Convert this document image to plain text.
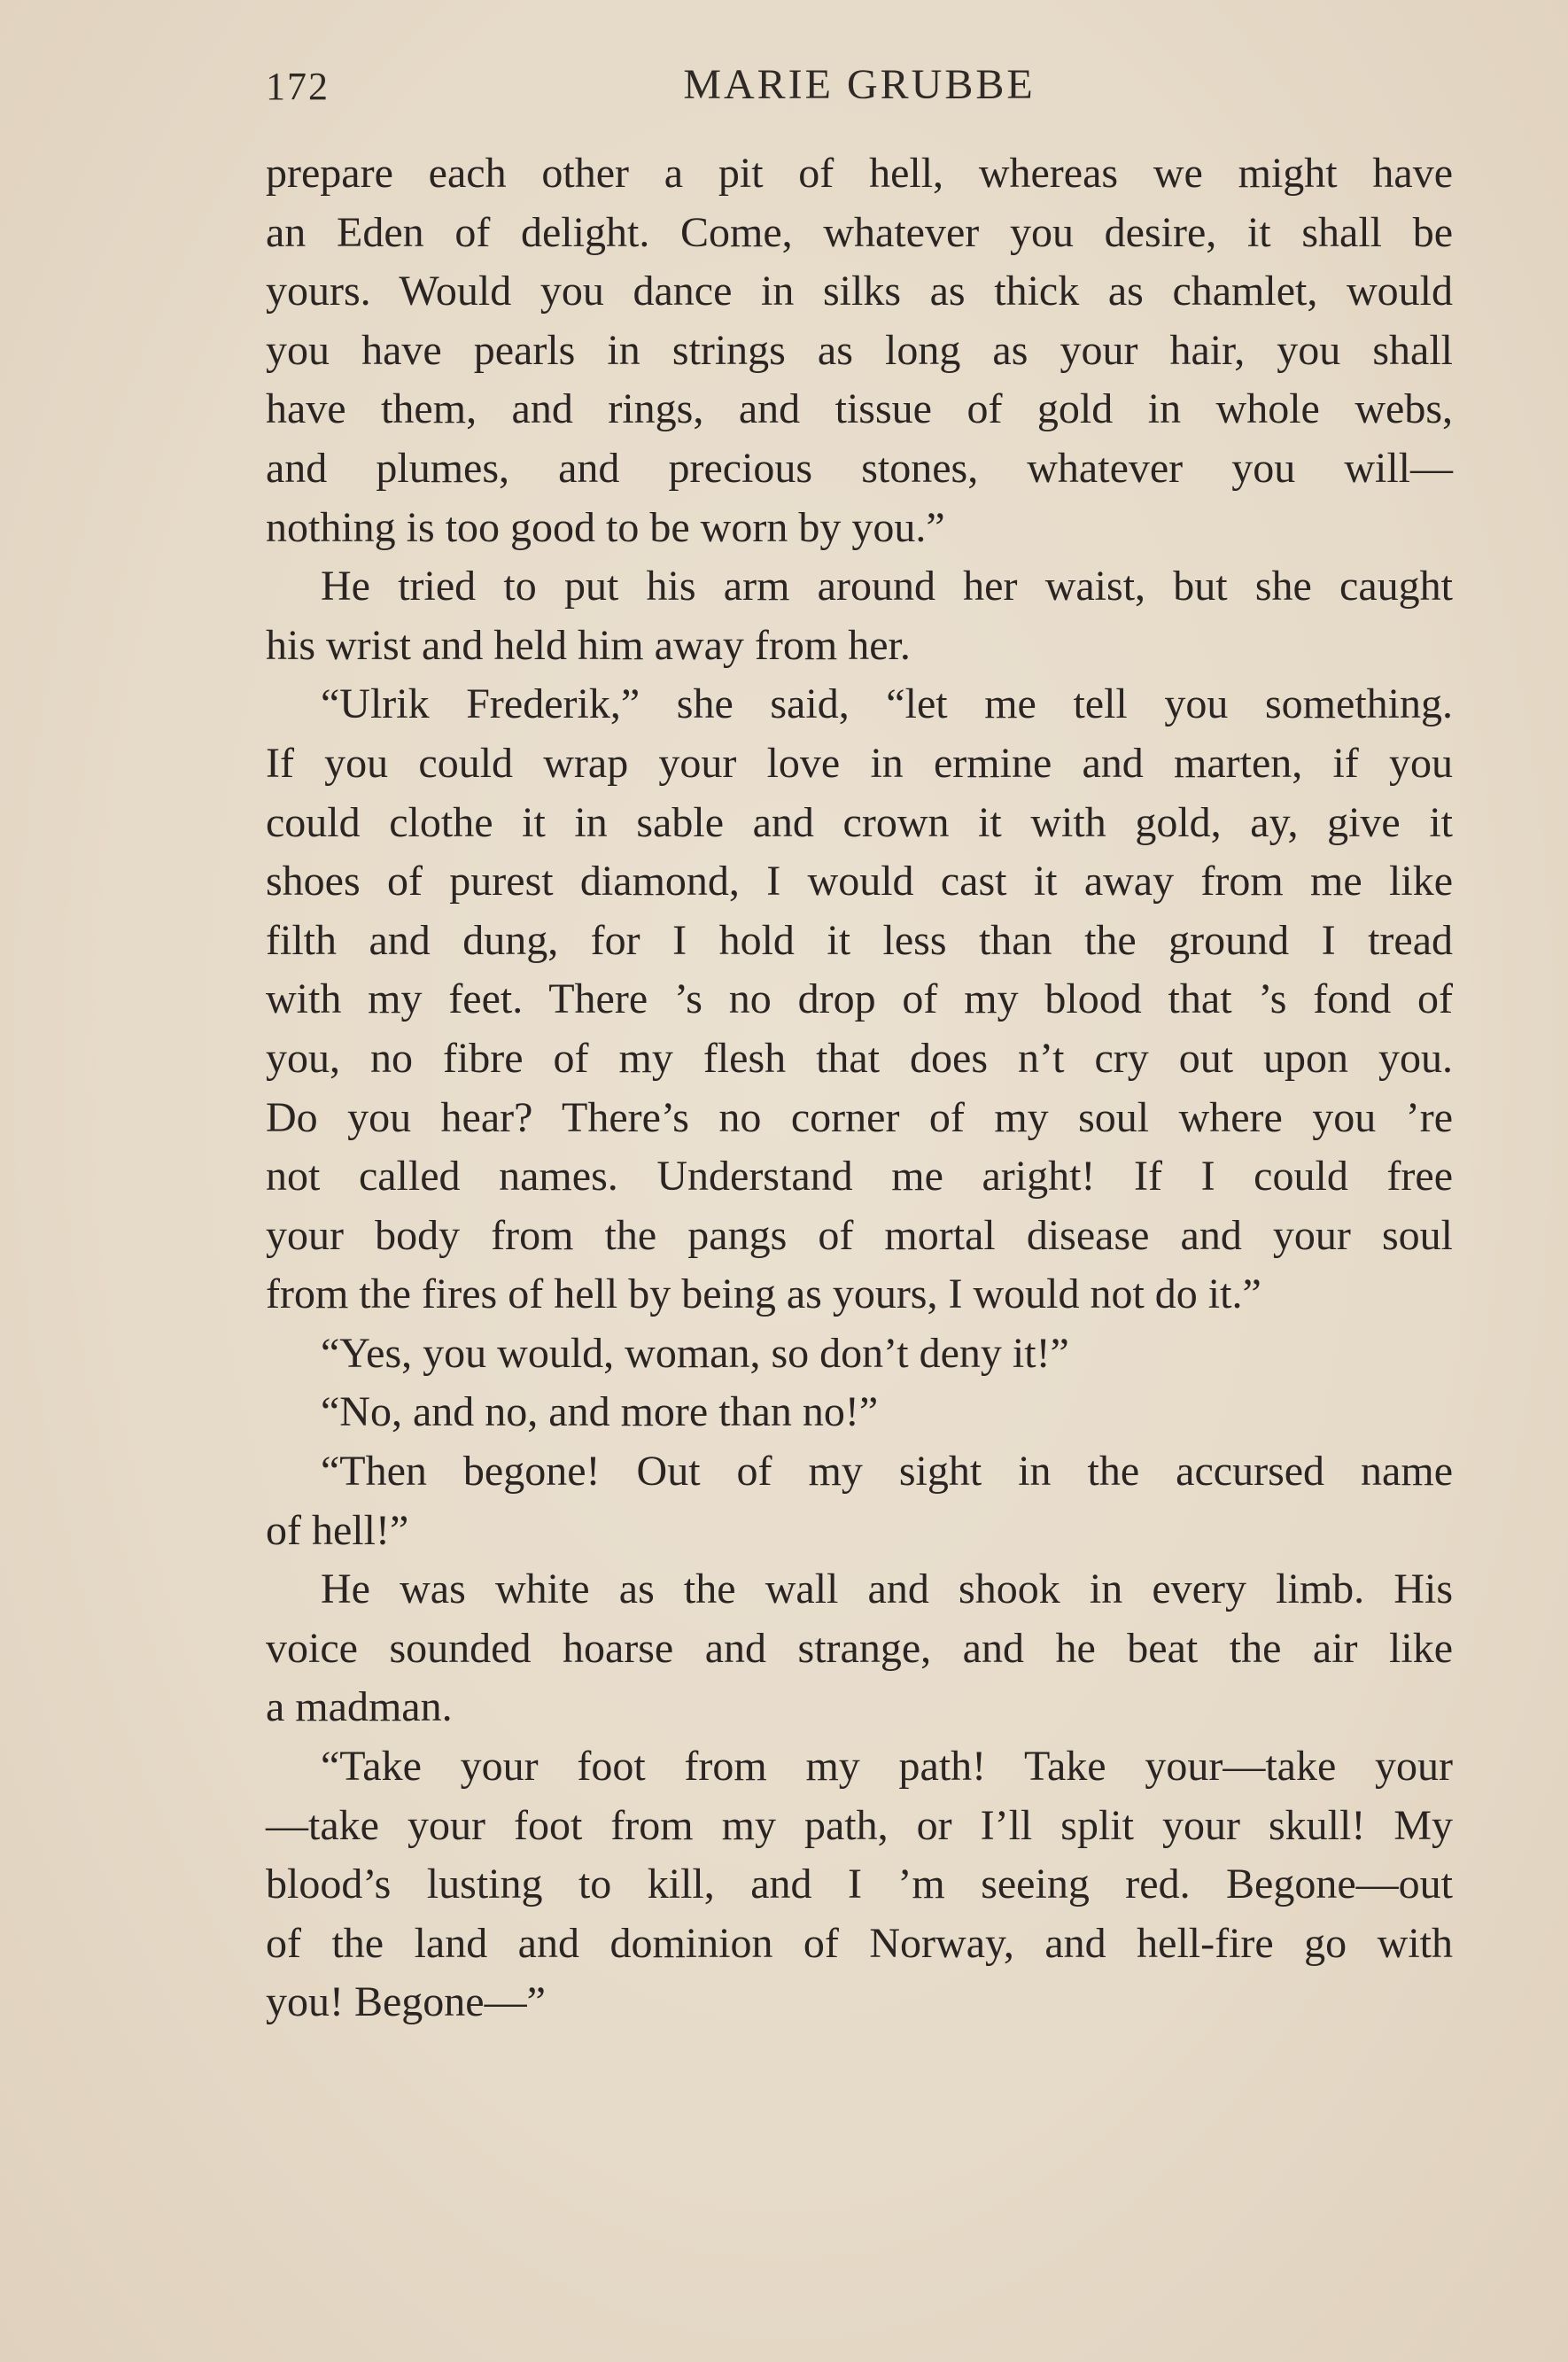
172	MARIE GRUBBE

prepare each other a pit of hell, whereas we might have
an Eden of delight. Come, whatever you desire, it shall be
yours. Would you dance in silks as thick as chamlet, would
you have pearls in strings as long as your hair, you shall
have them, and rings, and tissue of gold in whole webs,
and plumes, and precious stones, whatever you will—
nothing is too good to be worn by you.”

He tried to put his arm around her waist, but she caught
his wrist and held him away from her.

“Ulrik Frederik,” she said, “let me tell you something.
If you could wrap your love in ermine and marten, if you
could clothe it in sable and crown it with gold, ay, give it
shoes of purest diamond, I would cast it away from me like
filth and dung, for I hold it less than the ground I tread
with my feet. There ’s no drop of my blood that ’s fond of
you, no fibre of my flesh that does n’t cry out upon you.
Do you hear? There’s no corner of my soul where you ’re
not called names. Understand me aright! If I could free
your body from the pangs of mortal disease and your soul
from the fires of hell by being as yours, I would not do it.”

“Yes, you would, woman, so don’t deny it!”

“No, and no, and more than no!”

“Then begone! Out of my sight in the accursed name
of hell!”

He was white as the wall and shook in every limb. His
voice sounded hoarse and strange, and he beat the air like
a madman.

“Take your foot from my path! Take your—take your
—take your foot from my path, or I’ll split your skull! My
blood’s lusting to kill, and I ’m seeing red. Begone—out
of the land and dominion of Norway, and hell-fire go with
you! Begone—”
